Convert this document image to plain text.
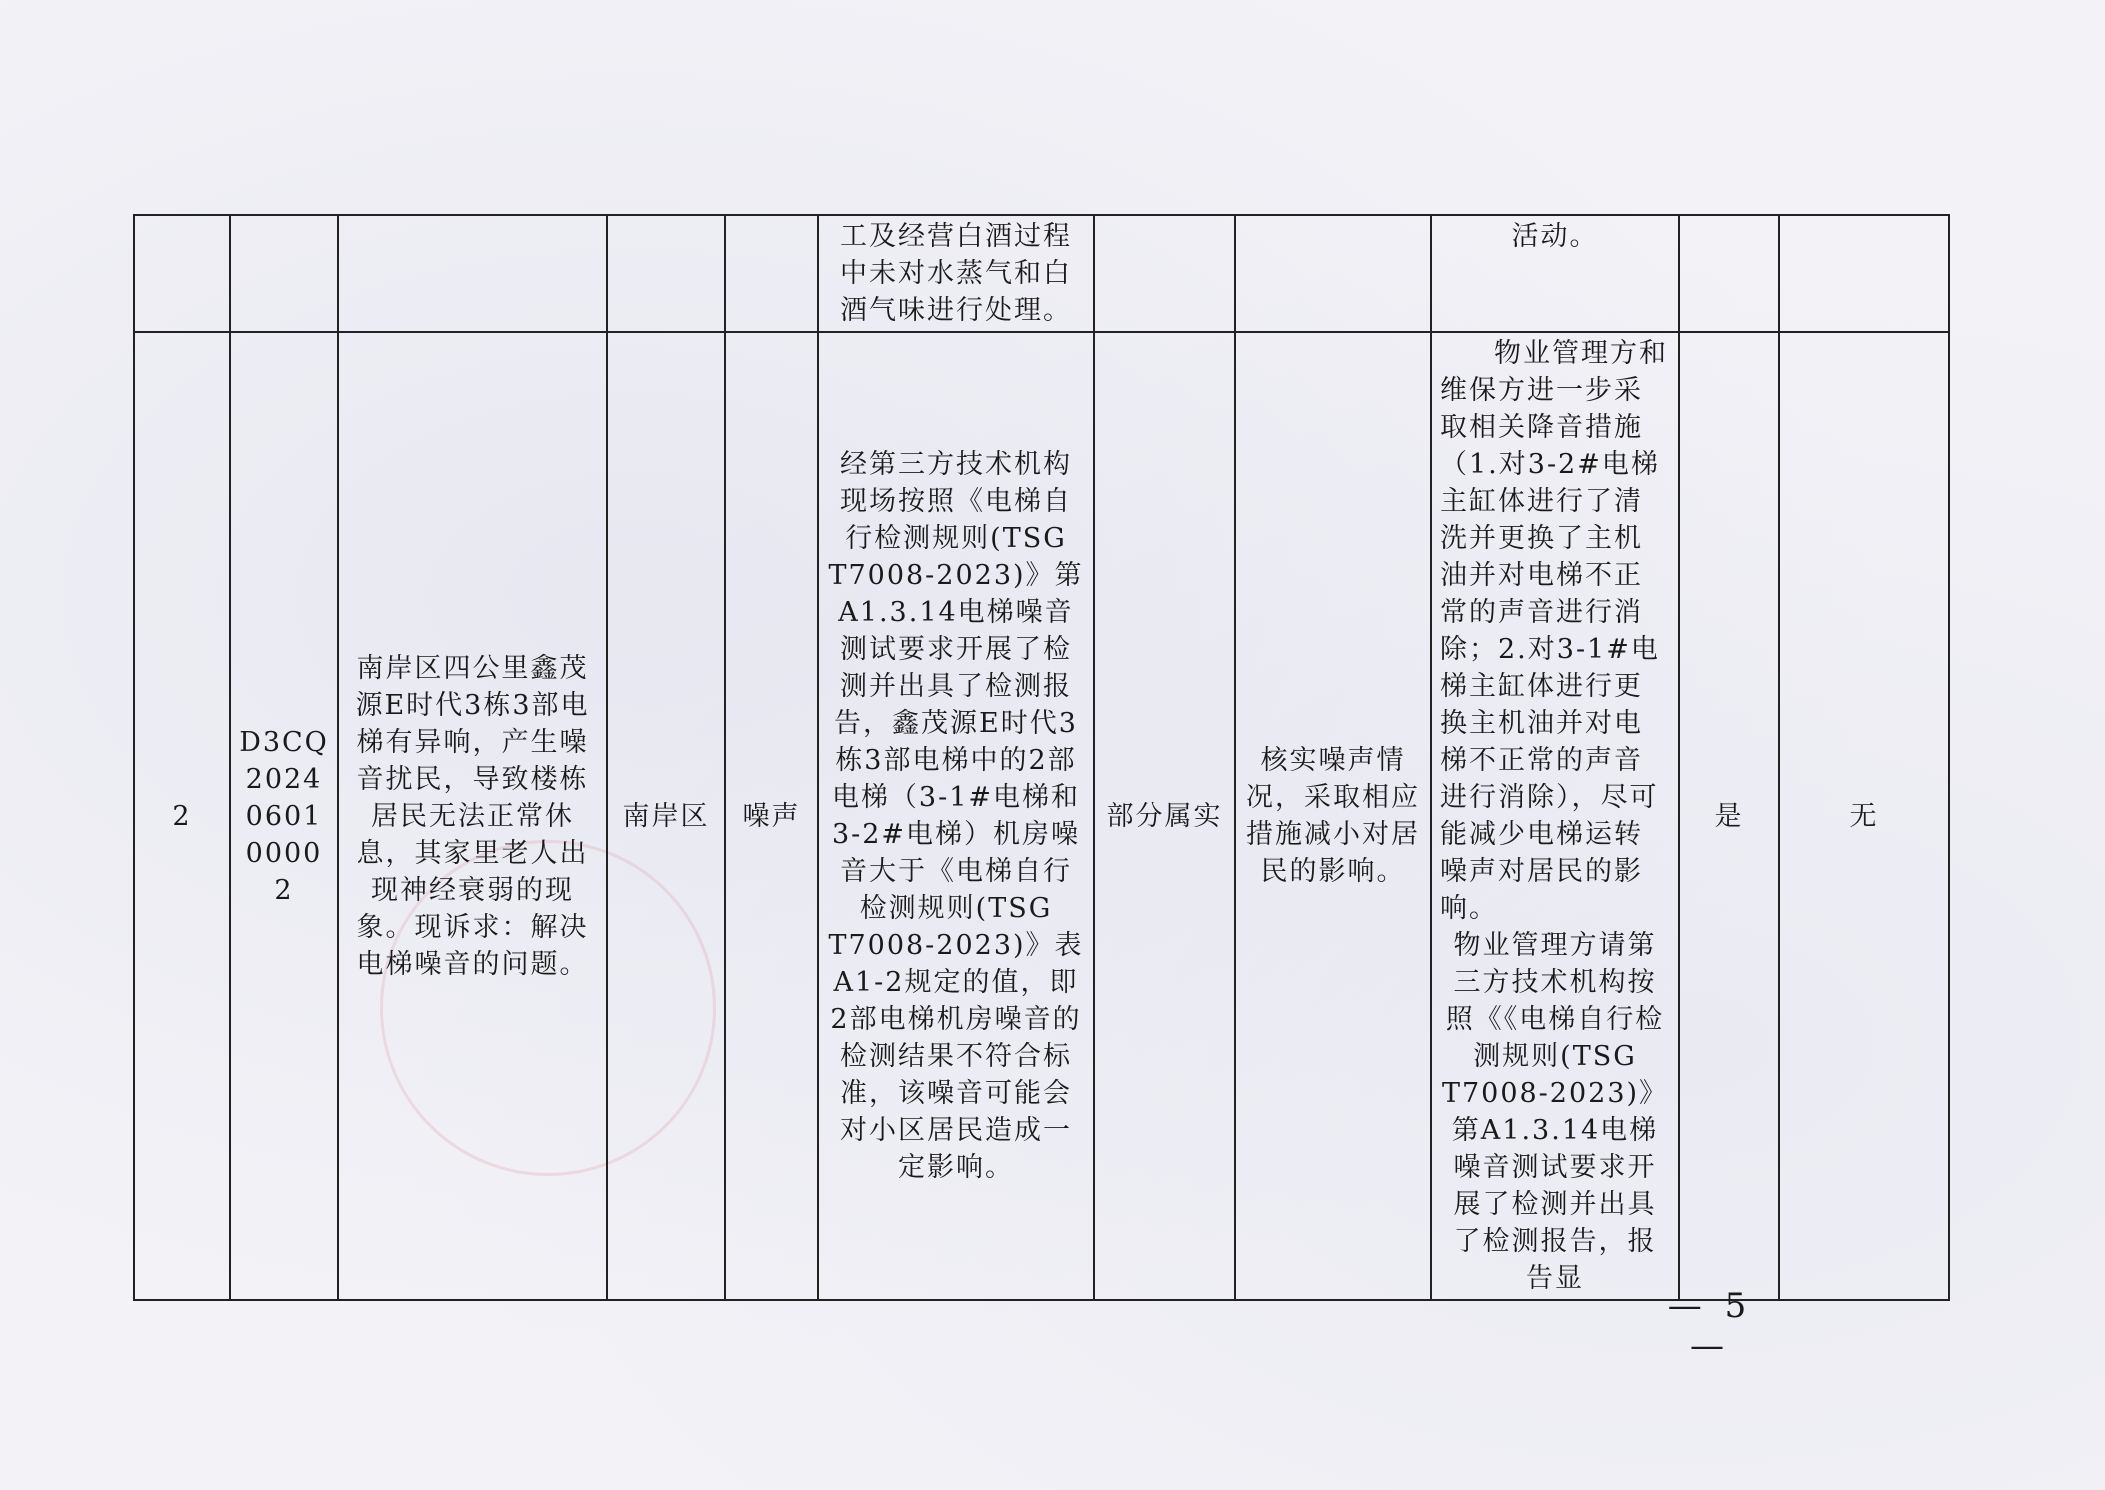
					工及经营白酒过程中未对水蒸气和白酒气味进行处理。			活动。		
2	D3CQ2024060100002	南岸区四公里鑫茂源E时代3栋3部电梯有异响，产生噪音扰民，导致楼栋居民无法正常休息，其家里老人出现神经衰弱的现象。现诉求：解决电梯噪音的问题。	南岸区	噪声	经第三方技术机构现场按照《电梯自行检测规则(TSG T7008-2023)》第A1.3.14电梯噪音测试要求开展了检测并出具了检测报告，鑫茂源E时代3栋3部电梯中的2部电梯（3-1#电梯和3-2#电梯）机房噪音大于《电梯自行检测规则(TSG T7008-2023)》表A1-2规定的值，即2部电梯机房噪音的检测结果不符合标准，该噪音可能会对小区居民造成一定影响。	部分属实	核实噪声情况，采取相应措施减小对居民的影响。	物业管理方和维保方进一步采取相关降音措施（1.对3-2#电梯主缸体进行了清洗并更换了主机油并对电梯不正常的声音进行消除；2.对3-1#电梯主缸体进行更换主机油并对电梯不正常的声音进行消除），尽可能减少电梯运转噪声对居民的影响。
物业管理方请第三方技术机构按照《《电梯自行检测规则(TSG T7008-2023)》第A1.3.14电梯噪音测试要求开展了检测并出具了检测报告，报告显	是	无
— 5 —
